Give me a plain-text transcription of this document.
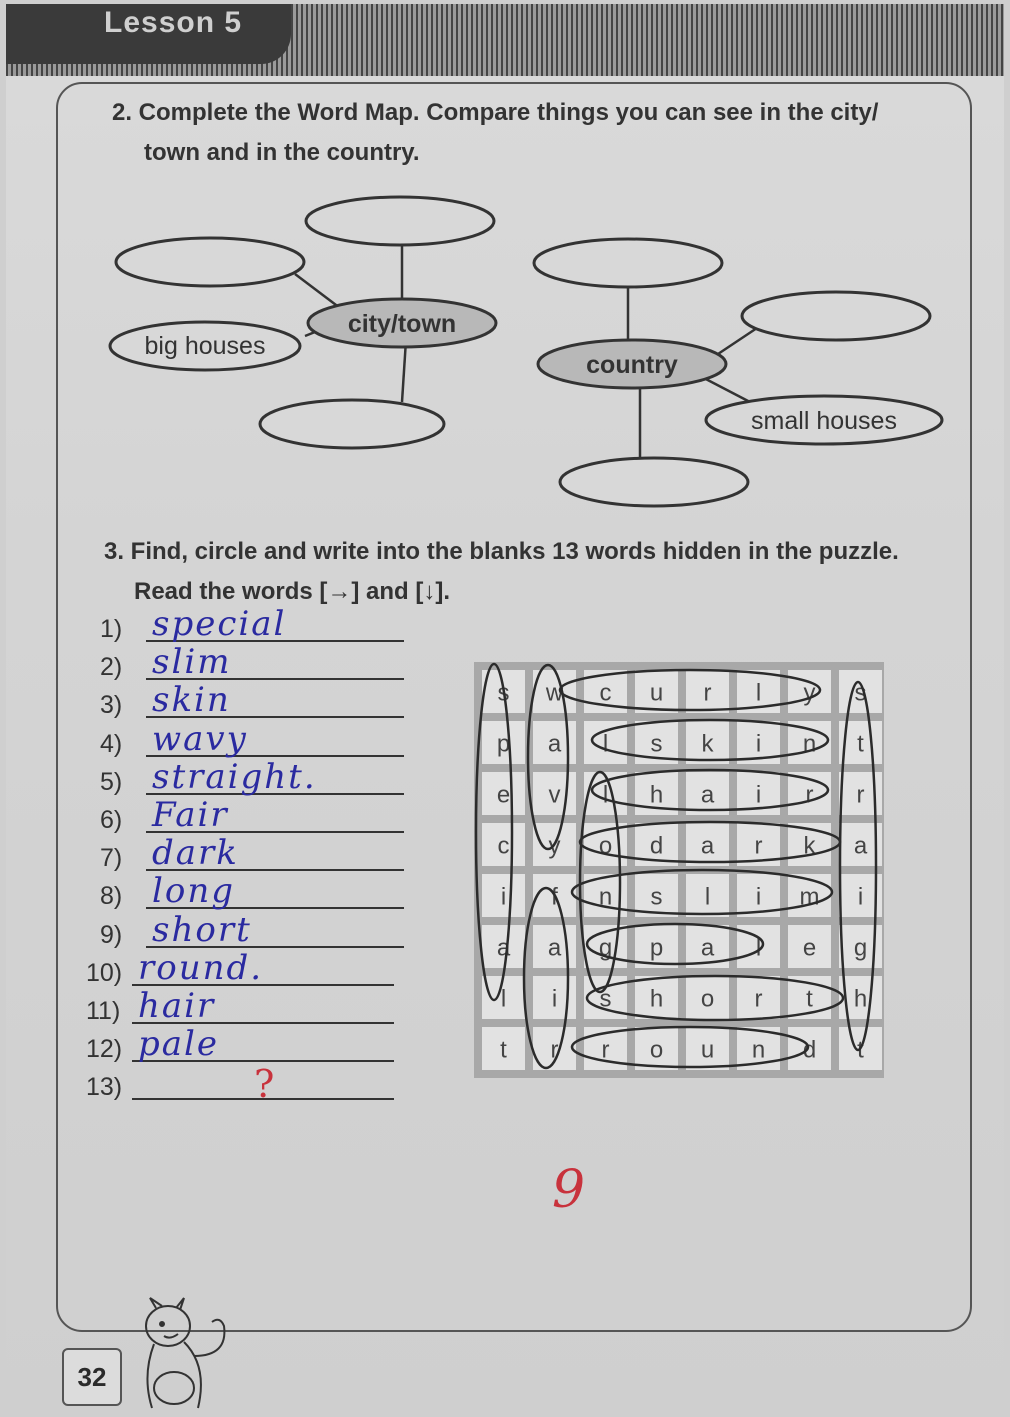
Lesson 5
2. Complete the Word Map. Compare things you can see in the city/
town and in the country.
city/town
big houses
country
small houses
3. Find, circle and write into the blanks 13 words hidden in the puzzle.
Read the words [→] and [↓].
1) special
2) slim
3) skin
4) wavy
5) straight.
6) Fair
7) dark
8) long
9) short
10) round.
11) hair
12) pale
13)
s w c u r l y s
p a l s k i n t
e v l h a i r r
c y o d a r k a
i f n s l i m i
a a g p a l e g
l i s h o r t h
t r r o u n d t
?
9
32
